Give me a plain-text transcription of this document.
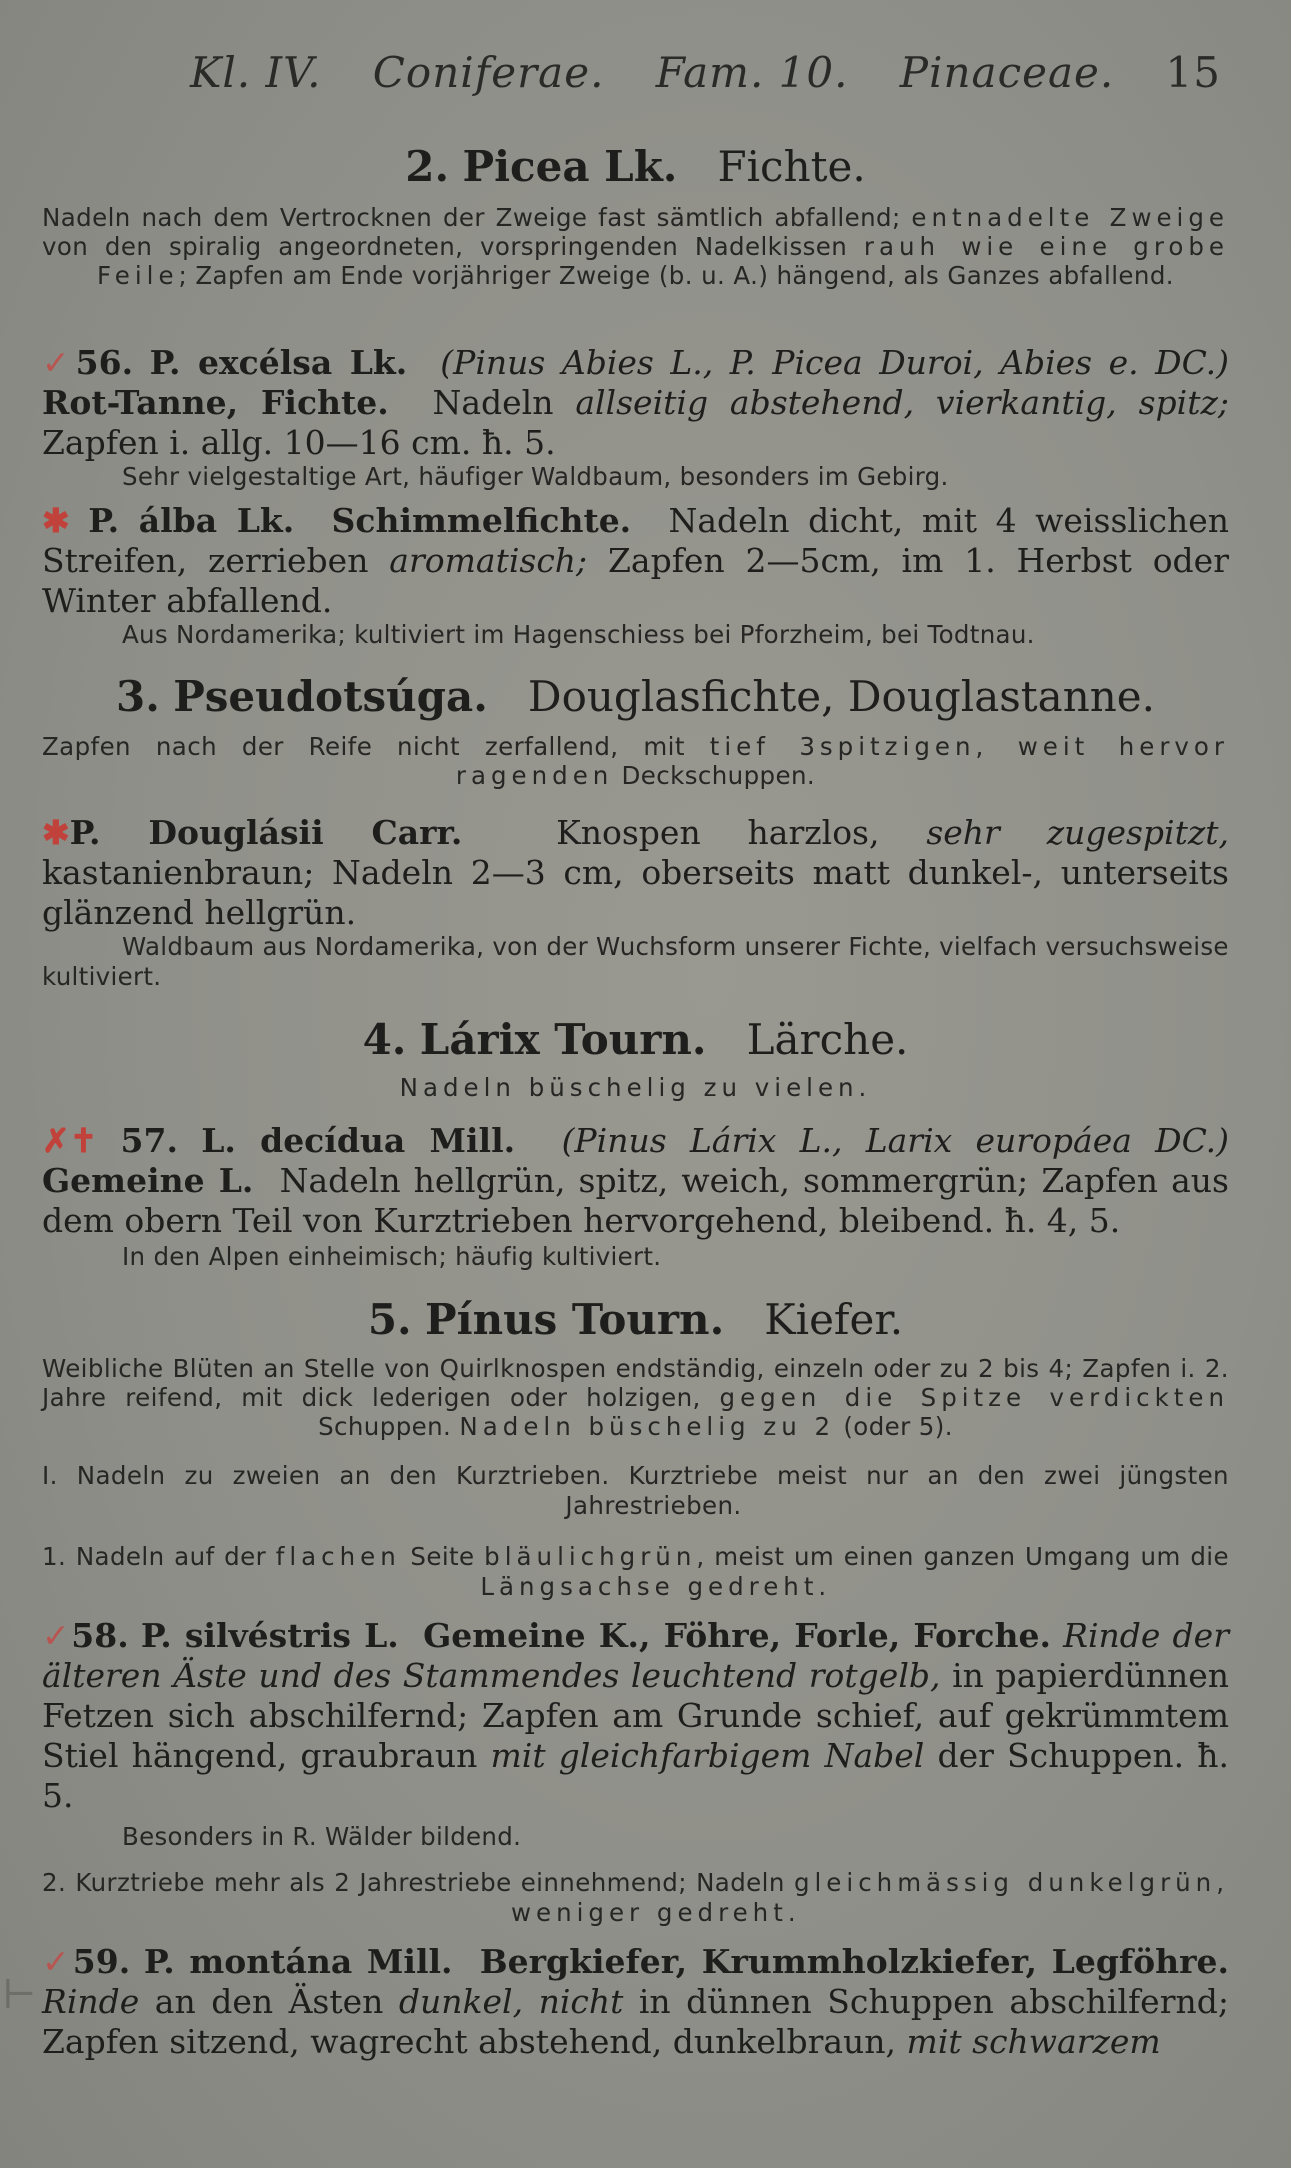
Kl. IV. Coniferae. Fam. 10. Pinaceae. 15
2. Picea Lk. Fichte.
Nadeln nach dem Vertrocknen der Zweige fast sämtlich abfallend; entnadelte Zweige von den spiralig angeordneten, vorspringenden Nadelkissen rauh wie eine grobe Feile; Zapfen am Ende vorjähriger Zweige (b. u. A.) hängend, als Ganzes abfallend.
✓56. P. excélsa Lk. (Pinus Abies L., P. Picea Duroi, Abies e. DC.) Rot-Tanne, Fichte. Nadeln allseitig abstehend, vierkantig, spitz; Zapfen i. allg. 10—16 cm. ħ. 5.
Sehr vielgestaltige Art, häufiger Waldbaum, besonders im Gebirg.
✱ P. álba Lk. Schimmelfichte. Nadeln dicht, mit 4 weisslichen Streifen, zerrieben aromatisch; Zapfen 2—5cm, im 1. Herbst oder Winter abfallend.
Aus Nordamerika; kultiviert im Hagenschiess bei Pforzheim, bei Todtnau.
3. Pseudotsúga. Douglasfichte, Douglastanne.
Zapfen nach der Reife nicht zerfallend, mit tief 3spitzigen, weit hervor ragenden Deckschuppen.
✱P. Douglásii Carr.	Knospen harzlos, sehr zugespitzt, kastanienbraun; Nadeln 2—3 cm, oberseits matt dunkel-, unterseits glänzend hellgrün.
Waldbaum aus Nordamerika, von der Wuchsform unserer Fichte, vielfach versuchsweise kultiviert.
4. Lárix Tourn. Lärche.
Nadeln büschelig zu vielen.
✗✝ 57. L. decídua Mill. (Pinus Lárix L., Larix europáea DC.) Gemeine L. Nadeln hellgrün, spitz, weich, sommergrün; Zapfen aus dem obern Teil von Kurztrieben hervorgehend, bleibend. ħ. 4, 5.
In den Alpen einheimisch; häufig kultiviert.
5. Pínus Tourn. Kiefer.
Weibliche Blüten an Stelle von Quirlknospen endständig, einzeln oder zu 2 bis 4; Zapfen i. 2. Jahre reifend, mit dick lederigen oder holzigen, gegen die Spitze verdickten Schuppen. Nadeln büschelig zu 2 (oder 5).
I. Nadeln zu zweien an den Kurztrieben. Kurztriebe meist nur an den zwei jüngsten Jahrestrieben.
1. Nadeln auf der flachen Seite bläulichgrün, meist um einen ganzen Umgang um die Längsachse gedreht.
✓58. P. silvéstris L. Gemeine K., Föhre, Forle, Forche. Rinde der älteren Äste und des Stammendes leuchtend rotgelb, in papierdünnen Fetzen sich abschilfernd; Zapfen am Grunde schief, auf gekrümmtem Stiel hängend, graubraun mit gleichfarbigem Nabel der Schuppen. ħ. 5.
Besonders in R. Wälder bildend.
2. Kurztriebe mehr als 2 Jahrestriebe einnehmend; Nadeln gleichmässig dunkelgrün, weniger gedreht.
✓59. P. montána Mill. Bergkiefer, Krummholzkiefer, Legföhre. Rinde an den Ästen dunkel, nicht in dünnen Schuppen abschilfernd; Zapfen sitzend, wagrecht abstehend, dunkelbraun, mit schwarzem
⊢
